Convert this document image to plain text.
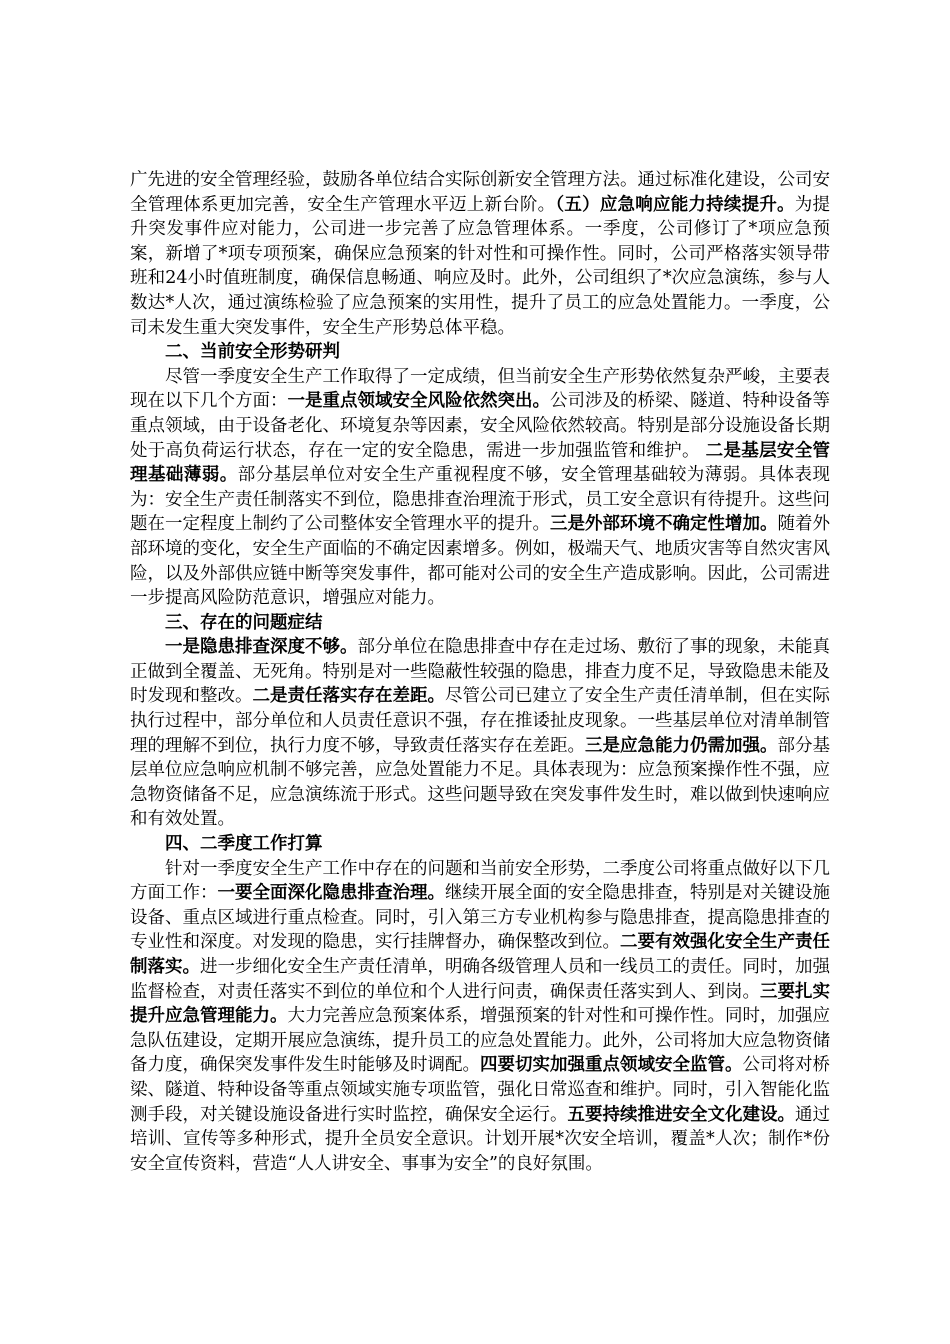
广先进的安全管理经验，鼓励各单位结合实际创新安全管理方法。通过标准化建设，公司安全管理体系更加完善，安全生产管理水平迈上新台阶。（五）应急响应能力持续提升。为提升突发事件应对能力，公司进一步完善了应急管理体系。一季度，公司修订了*项应急预案，新增了*项专项预案，确保应急预案的针对性和可操作性。同时，公司严格落实领导带班和24小时值班制度，确保信息畅通、响应及时。此外，公司组织了*次应急演练，参与人数达*人次，通过演练检验了应急预案的实用性，提升了员工的应急处置能力。一季度，公司未发生重大突发事件，安全生产形势总体平稳。

二、当前安全形势研判

尽管一季度安全生产工作取得了一定成绩，但当前安全生产形势依然复杂严峻，主要表现在以下几个方面：一是重点领域安全风险依然突出。公司涉及的桥梁、隧道、特种设备等重点领域，由于设备老化、环境复杂等因素，安全风险依然较高。特别是部分设施设备长期处于高负荷运行状态，存在一定的安全隐患，需进一步加强监管和维护。 二是基层安全管理基础薄弱。部分基层单位对安全生产重视程度不够，安全管理基础较为薄弱。具体表现为：安全生产责任制落实不到位，隐患排查治理流于形式，员工安全意识有待提升。这些问题在一定程度上制约了公司整体安全管理水平的提升。三是外部环境不确定性增加。随着外部环境的变化，安全生产面临的不确定因素增多。例如，极端天气、地质灾害等自然灾害风险，以及外部供应链中断等突发事件，都可能对公司的安全生产造成影响。因此，公司需进一步提高风险防范意识，增强应对能力。

三、存在的问题症结

一是隐患排查深度不够。部分单位在隐患排查中存在走过场、敷衍了事的现象，未能真正做到全覆盖、无死角。特别是对一些隐蔽性较强的隐患，排查力度不足，导致隐患未能及时发现和整改。二是责任落实存在差距。尽管公司已建立了安全生产责任清单制，但在实际执行过程中，部分单位和人员责任意识不强，存在推诿扯皮现象。一些基层单位对清单制管理的理解不到位，执行力度不够，导致责任落实存在差距。三是应急能力仍需加强。部分基层单位应急响应机制不够完善，应急处置能力不足。具体表现为：应急预案操作性不强，应急物资储备不足，应急演练流于形式。这些问题导致在突发事件发生时，难以做到快速响应和有效处置。

四、二季度工作打算

针对一季度安全生产工作中存在的问题和当前安全形势，二季度公司将重点做好以下几方面工作：一要全面深化隐患排查治理。继续开展全面的安全隐患排查，特别是对关键设施设备、重点区域进行重点检查。同时，引入第三方专业机构参与隐患排查，提高隐患排查的专业性和深度。对发现的隐患，实行挂牌督办，确保整改到位。二要有效强化安全生产责任制落实。进一步细化安全生产责任清单，明确各级管理人员和一线员工的责任。同时，加强监督检查，对责任落实不到位的单位和个人进行问责，确保责任落实到人、到岗。三要扎实提升应急管理能力。大力完善应急预案体系，增强预案的针对性和可操作性。同时，加强应急队伍建设，定期开展应急演练，提升员工的应急处置能力。此外，公司将加大应急物资储备力度，确保突发事件发生时能够及时调配。四要切实加强重点领域安全监管。公司将对桥梁、隧道、特种设备等重点领域实施专项监管，强化日常巡查和维护。同时，引入智能化监测手段，对关键设施设备进行实时监控，确保安全运行。五要持续推进安全文化建设。通过培训、宣传等多种形式，提升全员安全意识。计划开展*次安全培训，覆盖*人次；制作*份安全宣传资料，营造“人人讲安全、事事为安全”的良好氛围。
